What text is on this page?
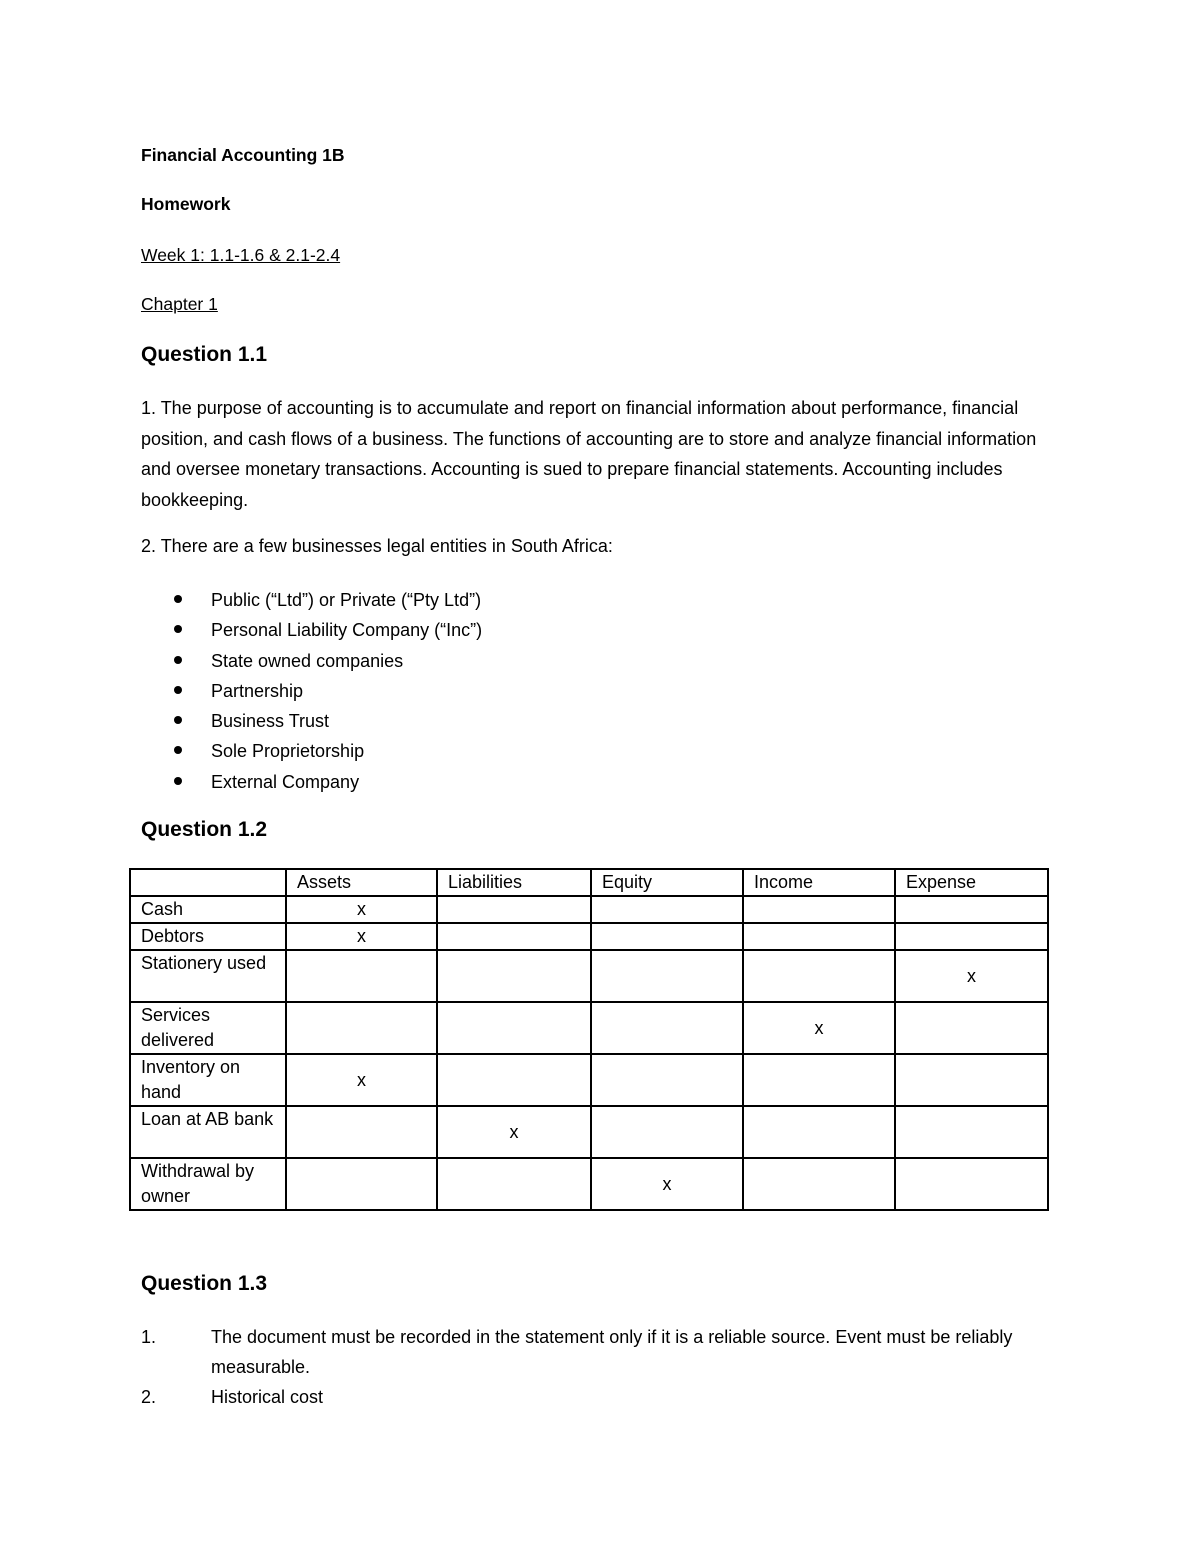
Financial Accounting 1B
Homework
Week 1: 1.1-1.6 & 2.1-2.4
Chapter 1
Question 1.1
1. The purpose of accounting is to accumulate and report on financial information about performance, financial position, and cash flows of a business. The functions of accounting are to store and analyze financial information and oversee monetary transactions. Accounting is sued to prepare financial statements. Accounting includes bookkeeping.
2. There are a few businesses legal entities in South Africa:
Public (“Ltd”) or Private (“Pty Ltd”)
Personal Liability Company (“Inc”)
State owned companies
Partnership
Business Trust
Sole Proprietorship
External Company
Question 1.2
	Assets	Liabilities	Equity	Income	Expense
Cash	x				
Debtors	x				
Stationery used					x
Services delivered				x	
Inventory on hand	x				
Loan at AB bank		x			
Withdrawal by owner			x		
Question 1.3
1.	The document must be recorded in the statement only if it is a reliable source. Event must be reliably measurable.
2.	Historical cost
